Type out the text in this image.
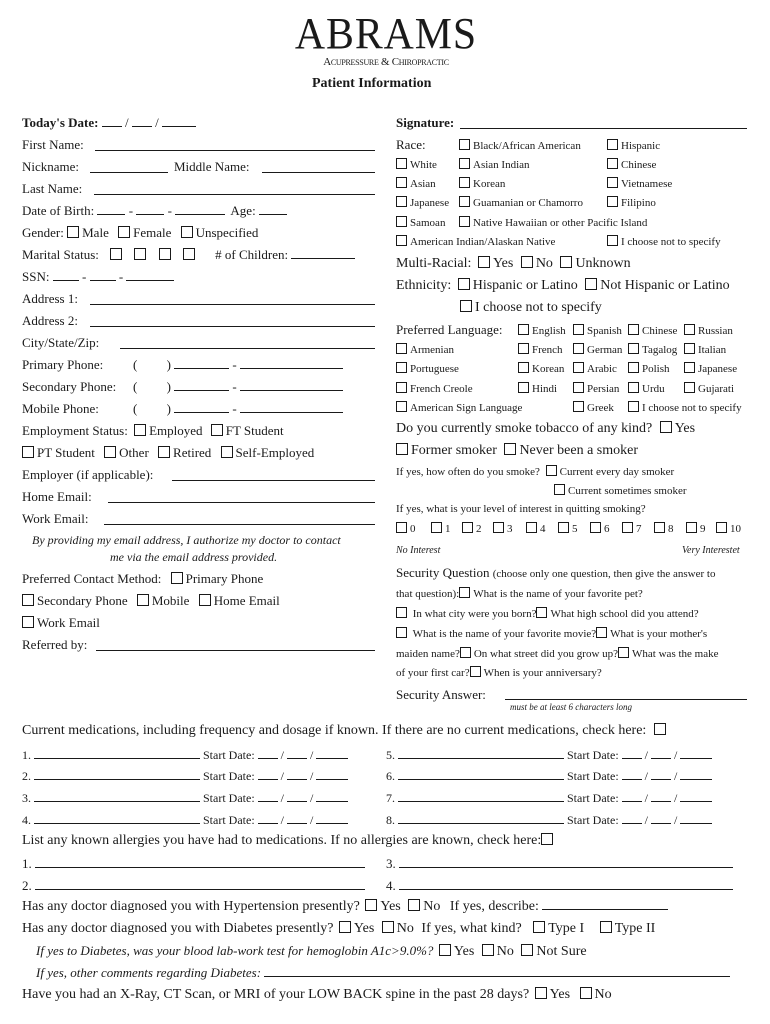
ABRAMS
Acupressure & Chiropractic
Patient Information
Today's Date:  /  /
First Name:
Nickname:	Middle Name:
Last Name:
Date of Birth:  -  -	Age:
Gender: Male Female Unspecified
Marital Status:	# of Children:
SSN:  -  -
Address 1:
Address 2:
City/State/Zip:
Primary Phone: (         )	-
Secondary Phone: (         )	-
Mobile Phone:	(         )	-
Employment Status: Employed FT Student
PT Student Other Retired Self-Employed
Employer (if applicable):
Home Email:
Work Email:
By providing my email address, I authorize my doctor to contact
me via the email address provided.
Preferred Contact Method: Primary Phone
Secondary Phone Mobile Home Email
Work Email
Referred by:
Signature:
Race:	Black/African American	Hispanic
White	Asian Indian	Chinese
Asian	Korean	Vietnamese
Japanese	Guamanian or Chamorro	Filipino
Samoan	Native Hawaiian or other Pacific Island
American Indian/Alaskan Native	I choose not to specify
Multi-Racial: Yes No Unknown
Ethnicity: Hispanic or Latino Not Hispanic or Latino
I choose not to specify
Preferred Language:	English	Spanish	Chinese	Russian
Armenian	French	German	Tagalog	Italian
Portuguese	Korean	Arabic	Polish	Japanese
French Creole	Hindi	Persian	Urdu	Gujarati
American Sign Language	Greek	I choose not to specify
Do you currently smoke tobacco of any kind? Yes
Former smoker Never been a smoker
If yes, how often do you smoke? Current every day smoker
Current sometimes smoker
If yes, what is your level of interest in quitting smoking?
0	1	2	3	4	5	6	7	8	9	10
No Interest	Very Interestet
Security Question (choose only one question, then give the answer to
that question): What is the name of your favorite pet?
In what city were you born? What high school did you attend?
What is the name of your favorite movie? What is your mother's
maiden name? On what street did you grow up? What was the make
of your first car? When is your anniversary?
Security Answer:
must be at least 6 characters long
Current medications, including frequency and dosage if known. If there are no current medications, check here:
1.	Start Date:  /  /
2.	Start Date:  /  /
3.	Start Date:  /  /
4.	Start Date:  /  /
5.	Start Date:  /  /
6.	Start Date:  /  /
7.	Start Date:  /  /
8.	Start Date:  /  /
List any known allergies you have had to medications. If no allergies are known, check here:
1.	3.
2.	4.
Has any doctor diagnosed you with Hypertension presently? Yes No If yes, describe:
Has any doctor diagnosed you with Diabetes presently? Yes No If yes, what kind? Type I Type II
If yes to Diabetes, was your blood lab-work test for hemoglobin A1c>9.0%? Yes No Not Sure
If yes, other comments regarding Diabetes:
Have you had an X-Ray, CT Scan, or MRI of your LOW BACK spine in the past 28 days? Yes No
